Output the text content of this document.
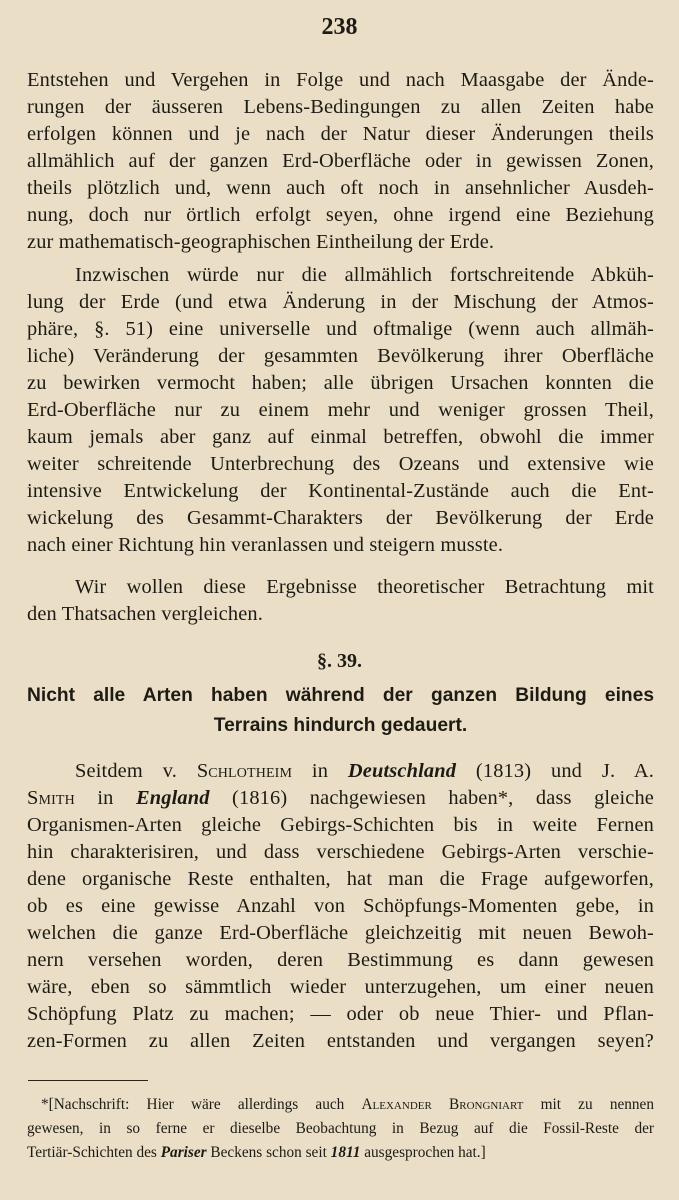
238
Entstehen und Vergehen in Folge und nach Maasgabe der Ände-
rungen der äusseren Lebens-Bedingungen zu allen Zeiten habe
erfolgen können und je nach der Natur dieser Änderungen theils
allmählich auf der ganzen Erd-Oberfläche oder in gewissen Zonen,
theils plötzlich und, wenn auch oft noch in ansehnlicher Ausdeh-
nung, doch nur örtlich erfolgt seyen, ohne irgend eine Beziehung
zur mathematisch-geographischen Eintheilung der Erde.
Inzwischen würde nur die allmählich fortschreitende Abküh-
lung der Erde (und etwa Änderung in der Mischung der Atmos-
phäre, §. 51) eine universelle und oftmalige (wenn auch allmäh-
liche) Veränderung der gesammten Bevölkerung ihrer Oberfläche
zu bewirken vermocht haben; alle übrigen Ursachen konnten die
Erd-Oberfläche nur zu einem mehr und weniger grossen Theil,
kaum jemals aber ganz auf einmal betreffen, obwohl die immer
weiter schreitende Unterbrechung des Ozeans und extensive wie
intensive Entwickelung der Kontinental-Zustände auch die Ent-
wickelung des Gesammt-Charakters der Bevölkerung der Erde
nach einer Richtung hin veranlassen und steigern musste.
Wir wollen diese Ergebnisse theoretischer Betrachtung mit
den Thatsachen vergleichen.
§. 39.
Nicht alle Arten haben während der ganzen Bildung eines
Terrains hindurch gedauert.
Seitdem v. Schlotheim in Deutschland (1813) und J. A.
Smith in England (1816) nachgewiesen haben*, dass gleiche
Organismen-Arten gleiche Gebirgs-Schichten bis in weite Fernen
hin charakterisiren, und dass verschiedene Gebirgs-Arten verschie-
dene organische Reste enthalten, hat man die Frage aufgeworfen,
ob es eine gewisse Anzahl von Schöpfungs-Momenten gebe, in
welchen die ganze Erd-Oberfläche gleichzeitig mit neuen Bewoh-
nern versehen worden, deren Bestimmung es dann gewesen
wäre, eben so sämmtlich wieder unterzugehen, um einer neuen
Schöpfung Platz zu machen; — oder ob neue Thier- und Pflan-
zen-Formen zu allen Zeiten entstanden und vergangen seyen?
*[Nachschrift: Hier wäre allerdings auch Alexander Brongniart mit zu nennen
gewesen, in so ferne er dieselbe Beobachtung in Bezug auf die Fossil-Reste der
Tertiär-Schichten des Pariser Beckens schon seit 1811 ausgesprochen hat.]
